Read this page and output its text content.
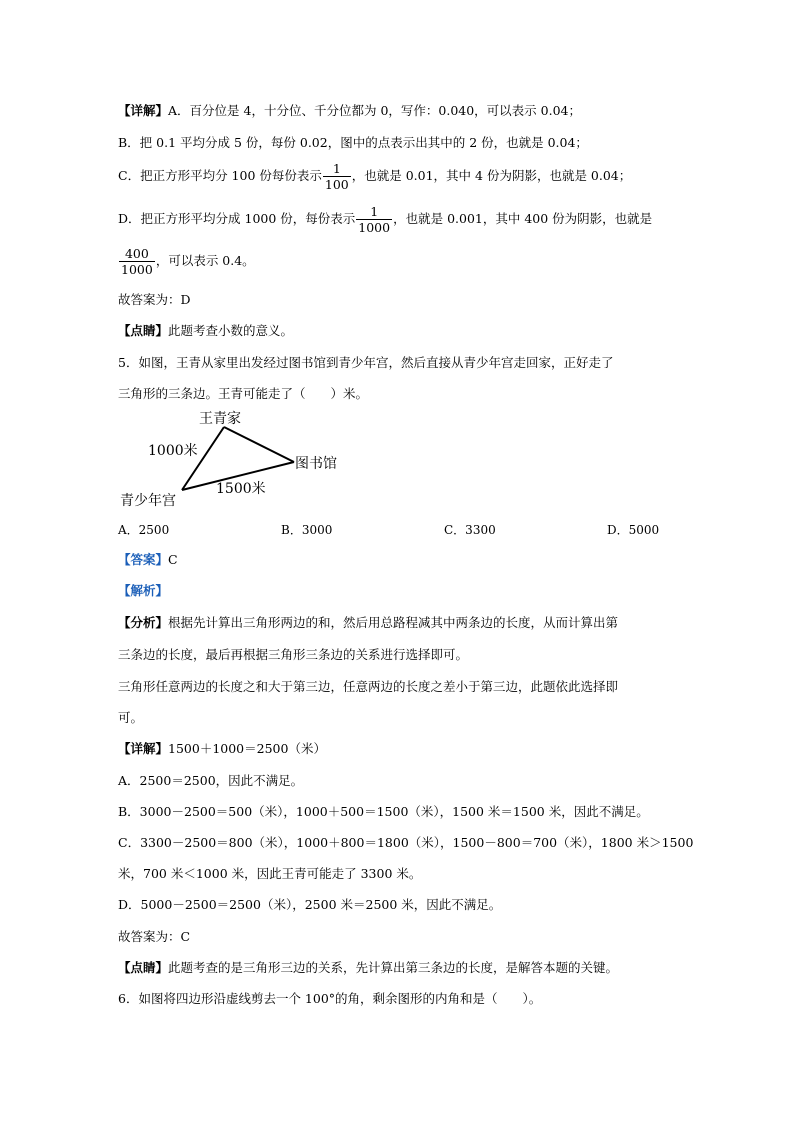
【详解】A．百分位是 4，十分位、千分位都为 0，写作：0.040，可以表示 0.04；
B．把 0.1 平均分成 5 份，每份 0.02，图中的点表示出其中的 2 份，也就是 0.04；
C．把正方形平均分 100 份每份表示 $\frac{1}{100}$ ，也就是 0.01，其中 4 份为阴影，也就是 0.04；
D．把正方形平均分成 1000 份，每份表示 $\frac{1}{1000}$ ，也就是 0.001，其中 400 份为阴影，也就是
$\frac{400}{1000}$ ，可以表示 0.4。
故答案为：D
【点睛】此题考查小数的意义。
5．如图，王青从家里出发经过图书馆到青少年宫，然后直接从青少年宫走回家，正好走了
三角形的三条边。王青可能走了（　　）米。
王青家
图书馆
青少年宫
1000米
1500米
A．2500	B．3000	C．3300	D．5000
【答案】C
【解析】
【分析】根据先计算出三角形两边的和，然后用总路程减其中两条边的长度，从而计算出第
三条边的长度，最后再根据三角形三条边的关系进行选择即可。
三角形任意两边的长度之和大于第三边，任意两边的长度之差小于第三边，此题依此选择即
可。
【详解】1500＋1000＝2500（米）
A．2500＝2500，因此不满足。
B．3000－2500＝500（米），1000＋500＝1500（米），1500 米＝1500 米，因此不满足。
C．3300－2500＝800（米），1000＋800＝1800（米），1500－800＝700（米），1800 米＞1500
米，700 米＜1000 米，因此王青可能走了 3300 米。
D．5000－2500＝2500（米），2500 米＝2500 米，因此不满足。
故答案为：C
【点睛】此题考查的是三角形三边的关系，先计算出第三条边的长度，是解答本题的关键。
6．如图将四边形沿虚线剪去一个 100°的角，剩余图形的内角和是（　　）。
